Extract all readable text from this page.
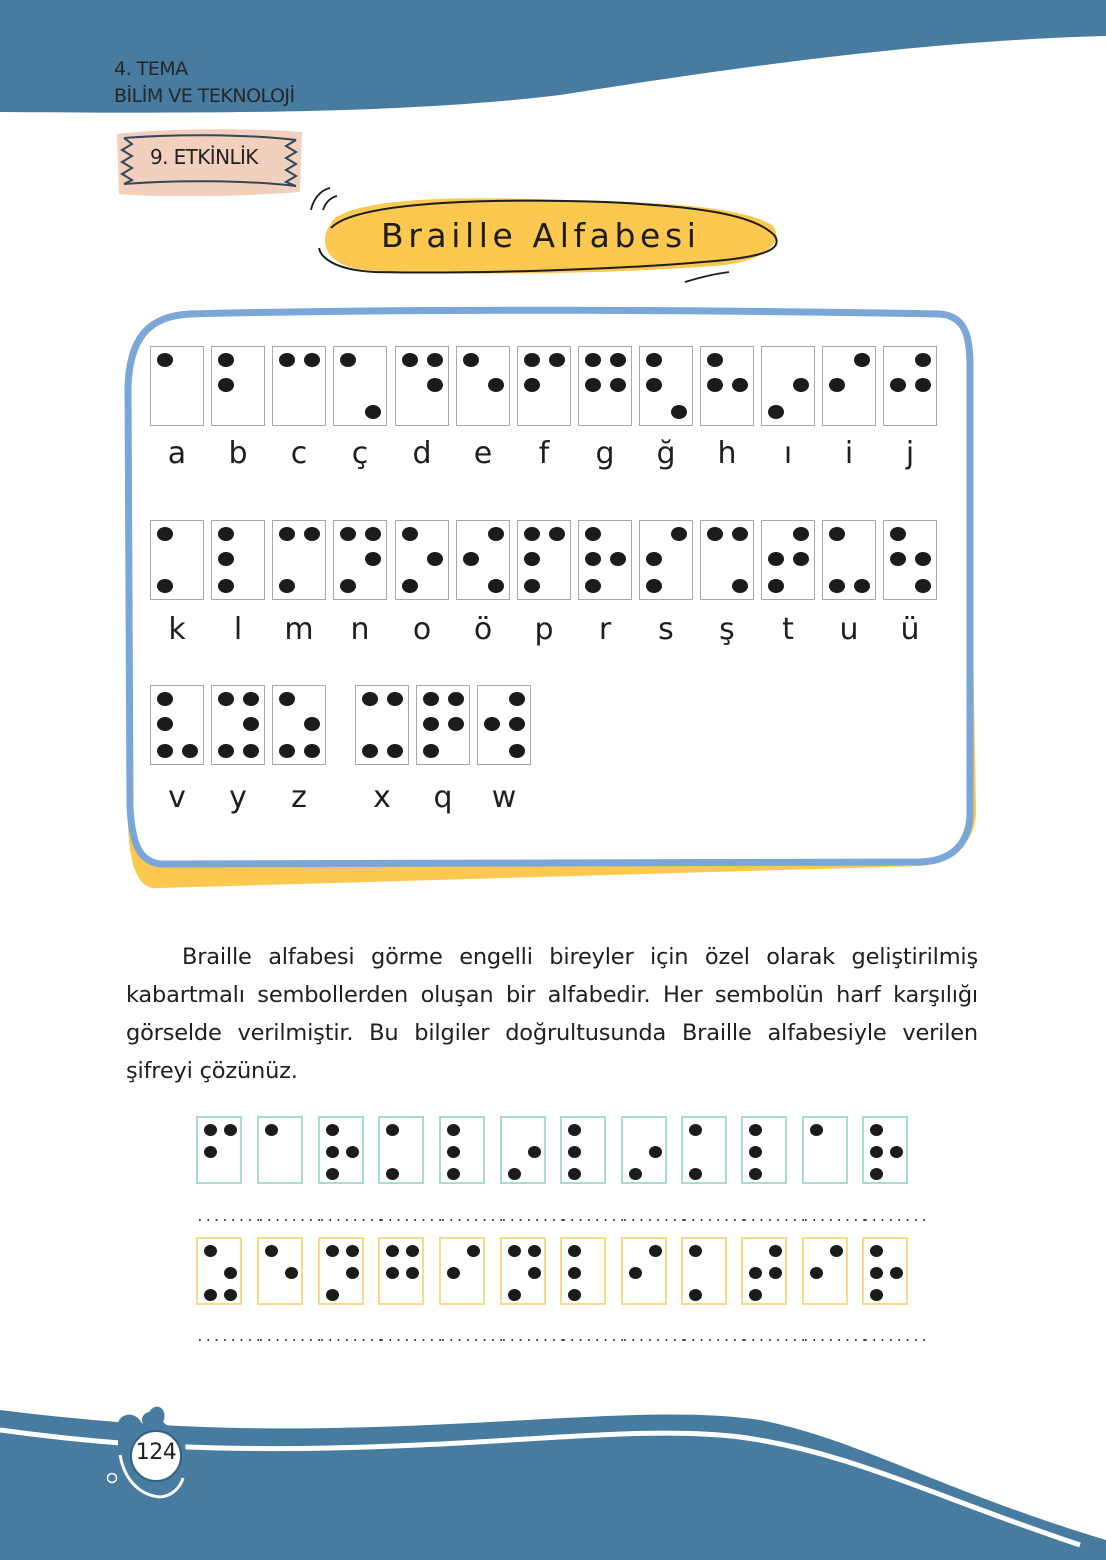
4. TEMA
BİLİM VE TEKNOLOJİ
9. ETKİNLİK
Braille Alfabesi
a	b	c	ç	d	e	f	g	ğ	h	ı	i	j
k	l	m	n	o	ö	p	r	s	ş	t	u	ü
v	y	z	x	q	w
Braille alfabesi görme engelli bireyler için özel olarak geliştirilmiş kabartmalı sembollerden oluşan bir alfabedir. Her sembolün harf karşılığı görselde verilmiştir. Bu bilgiler doğrultusunda Braille alfabesiyle verilen şifreyi çözünüz.
........
........
........
........
........
........
........
........
........
........
........
........
........
........
........
........
........
........
........
........
........
........
........
........
124
